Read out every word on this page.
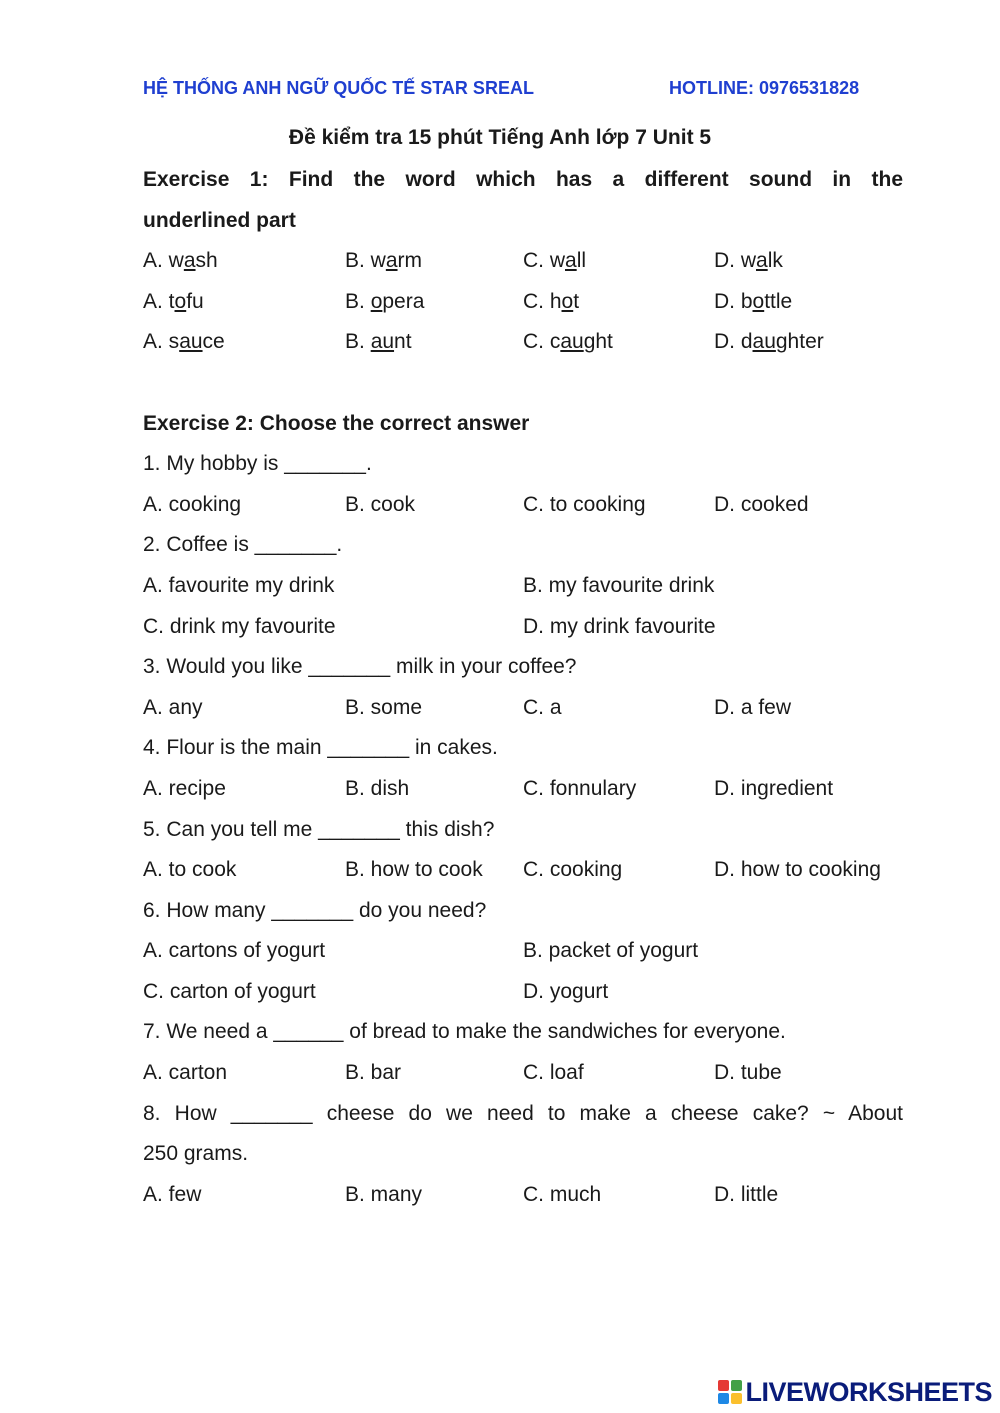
HỆ THỐNG ANH NGỮ QUỐC TẾ STAR SREAL	HOTLINE: 0976531828
Đề kiểm tra 15 phút Tiếng Anh lớp 7 Unit 5
Exercise 1: Find the word which has a different sound in the
underlined part
A. wash	B. warm	C. wall	D. walk
A. tofu	B. opera	C. hot	D. bottle
A. sauce	B. aunt	C. caught	D. daughter
Exercise 2: Choose the correct answer
1. My hobby is _______.
A. cooking	B. cook	C. to cooking	D. cooked
2. Coffee is _______.
A. favourite my drink	B. my favourite drink
C. drink my favourite	D. my drink favourite
3. Would you like _______ milk in your coffee?
A. any	B. some	C. a	D. a few
4. Flour is the main _______ in cakes.
A. recipe	B. dish	C. fonnulary	D. ingredient
5. Can you tell me _______ this dish?
A. to cook	B. how to cook C. cooking	D. how to cooking
6. How many _______ do you need?
A. cartons of yogurt	B. packet of yogurt
C. carton of yogurt	D. yogurt
7. We need a ______ of bread to make the sandwiches for everyone.
A. carton	B. bar	C. loaf	D. tube
8. How _______ cheese do we need to make a cheese cake? ~ About
250 grams.
A. few	B. many	C. much	D. little
LIVEWORKSHEETS
